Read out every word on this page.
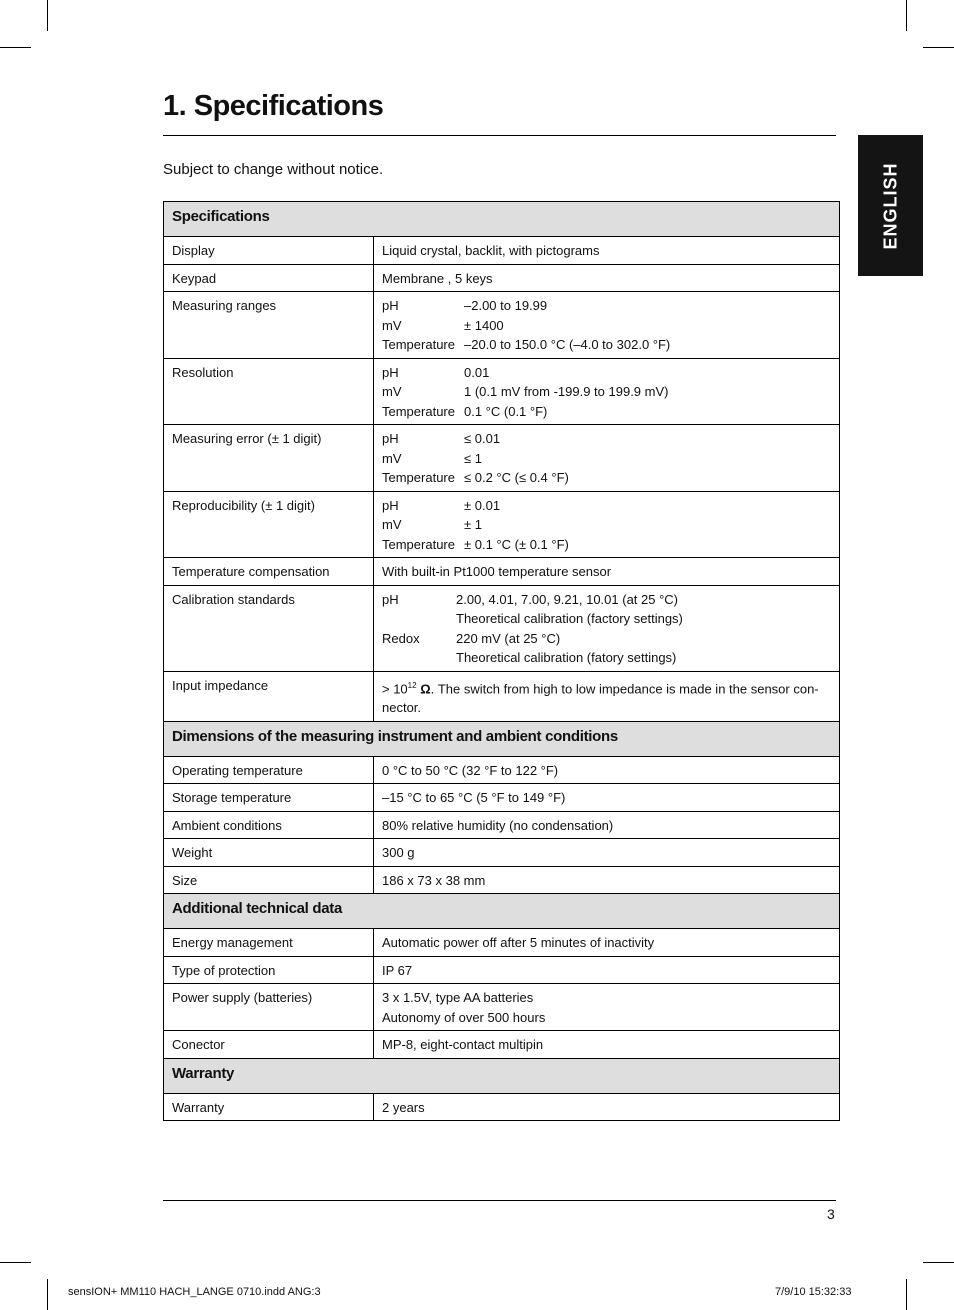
1. Specifications
Subject to change without notice.	ENGLISH
Specifications	
Display	Liquid crystal, backlit, with pictograms
Keypad	Membrane , 5 keys
Measuring ranges	pH –2.00 to 19.99
mV ± 1400
Temperature –20.0 to 150.0 °C (–4.0 to 302.0 °F)

Resolution	pH 0.01
mV 1 (0.1 mV from -199.9 to 199.9 mV)
Temperature 0.1 °C (0.1 °F)

Measuring error (± 1 digit)	pH ≤ 0.01
mV ≤ 1
Temperature ≤ 0.2 °C (≤ 0.4 °F)

Reproducibility (± 1 digit)	pH ± 0.01
mV ± 1
Temperature ± 0.1 °C (± 0.1 °F)

Temperature compensation	With built-in Pt1000 temperature sensor
Calibration standards	pH 2.00, 4.01, 7.00, 9.21, 10.01 (at 25 °C)
Theoretical calibration (factory settings)
Redox 220 mV (at 25 °C)
Theoretical calibration (fatory settings)

Input impedance	> $10^{12}$ Ω. The switch from high to low impedance is made in the sensor con-nector.
Dimensions of the measuring instrument and ambient conditions	
Operating temperature	0 °C to 50 °C (32 °F to 122 °F)
Storage temperature	–15 °C to 65 °C (5 °F to 149 °F)
Ambient conditions	80% relative humidity (no condensation)
Weight	300 g
Size	186 x 73 x 38 mm
Additional technical data	
Energy management	Automatic power off after 5 minutes of inactivity
Type of protection	IP 67
Power supply (batteries)	3 x 1.5V, type AA batteries
Autonomy of over 500 hours

Conector	MP-8, eight-contact multipin
Warranty	
Warranty	2 years
3
sensION+ MM110 HACH_LANGE 0710.indd ANG:3	7/9/10 15:32:33
